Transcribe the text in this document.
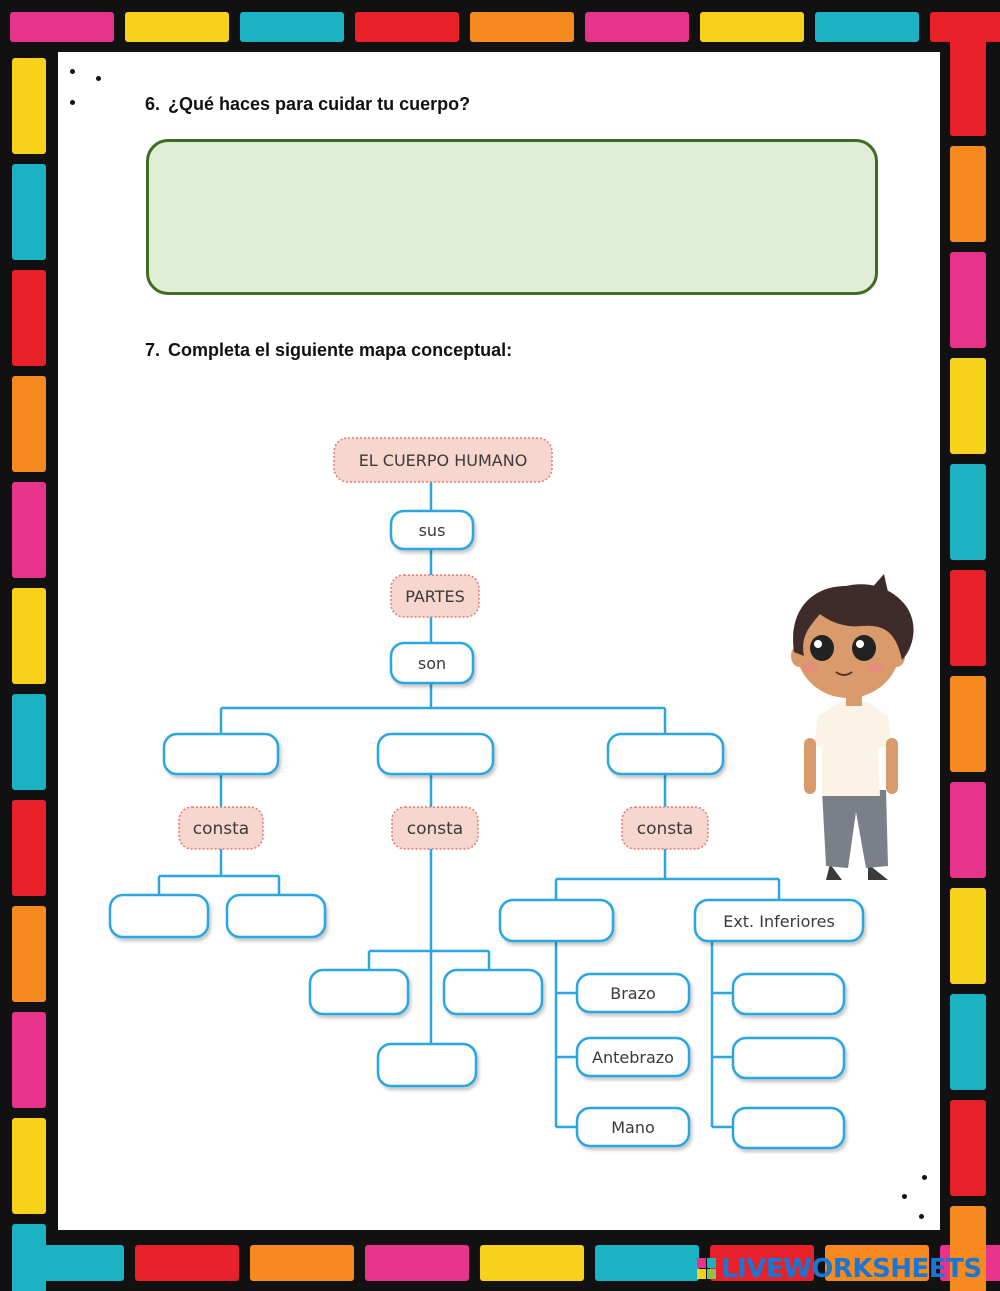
6. ¿Qué haces para cuidar tu cuerpo?
7. Completa el siguiente mapa conceptual:
EL CUERPO HUMANO
sus
PARTES
son
consta	consta	consta
Ext. Inferiores
Brazo
Antebrazo
Mano
LIVEWORKSHEETS
